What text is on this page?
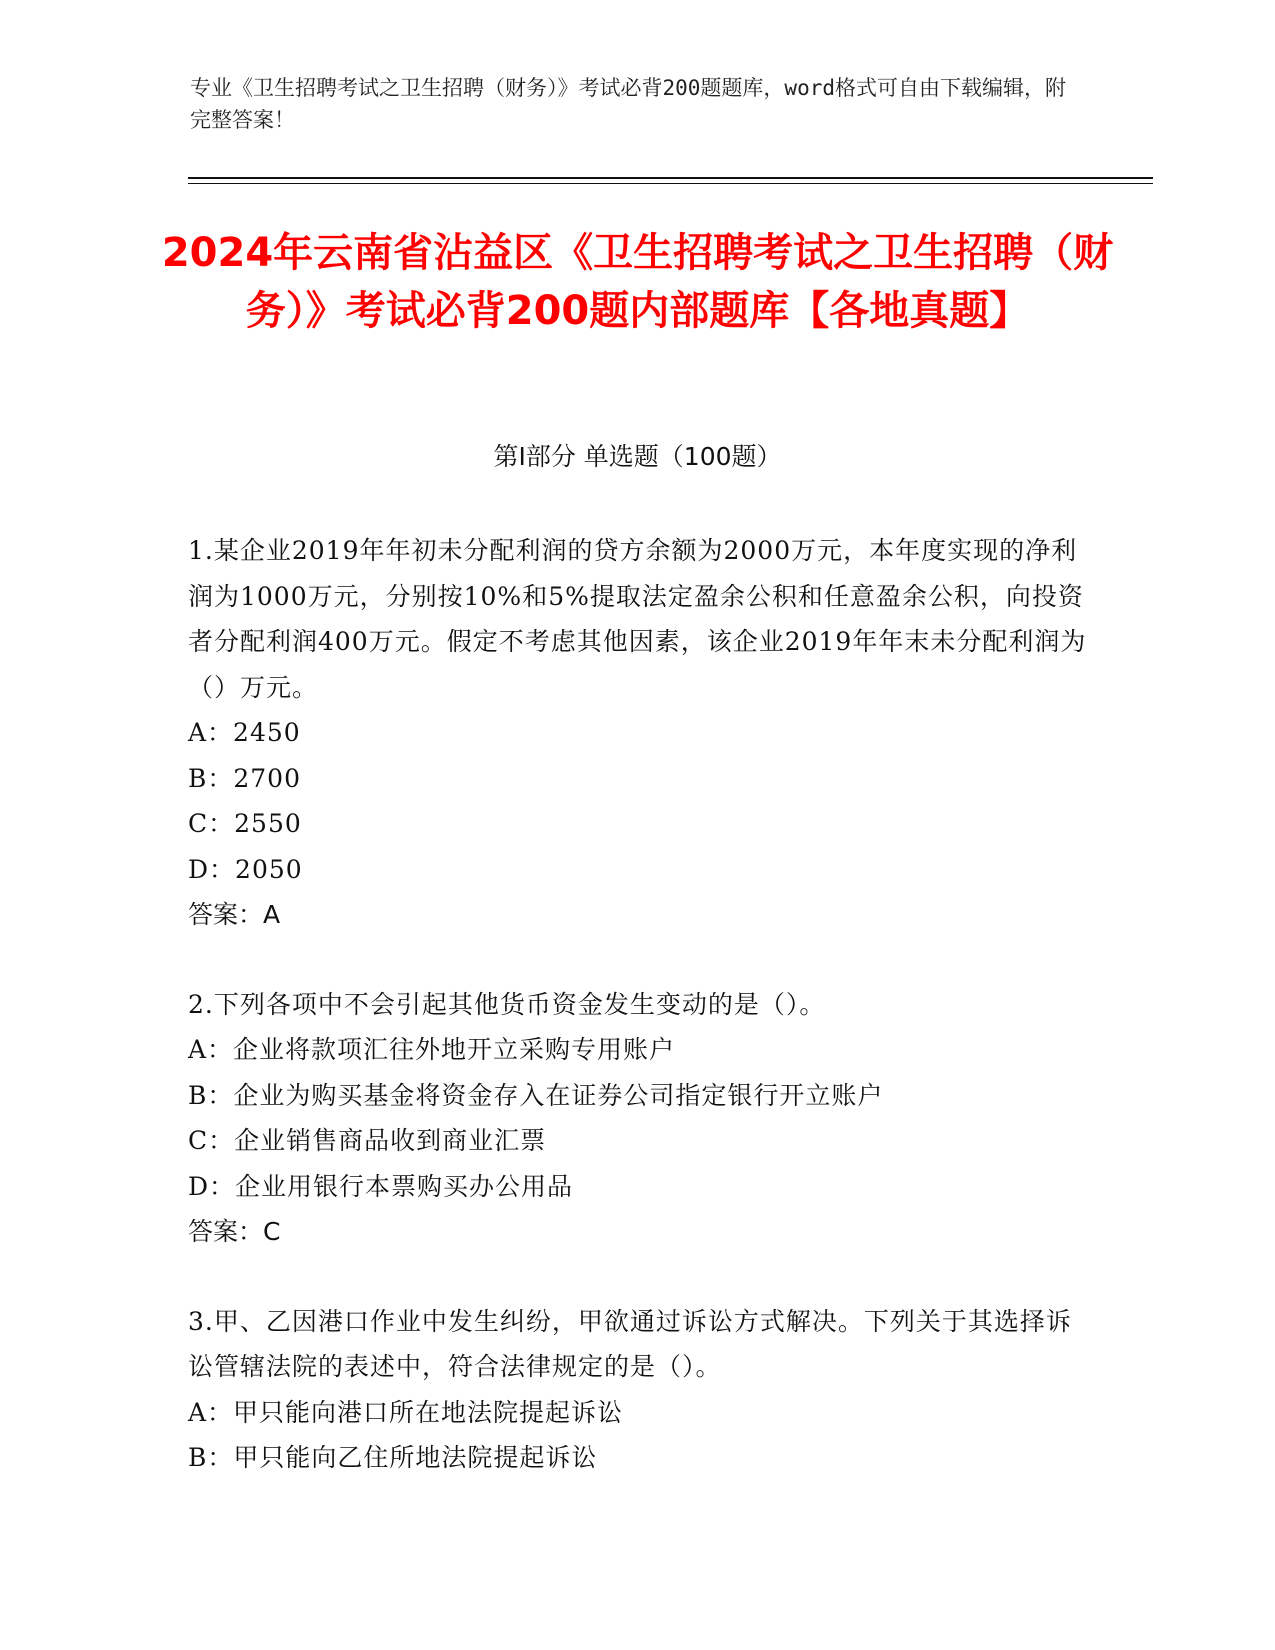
专业《卫生招聘考试之卫生招聘（财务）》考试必背200题题库，word格式可自由下载编辑，附完整答案！
2024年云南省沾益区《卫生招聘考试之卫生招聘（财务）》考试必背200题内部题库【各地真题】
第I部分 单选题（100题）
1.某企业2019年年初未分配利润的贷方余额为2000万元，本年度实现的净利润为1000万元，分别按10%和5%提取法定盈余公积和任意盈余公积，向投资者分配利润400万元。假定不考虑其他因素，该企业2019年年末未分配利润为（）万元。
A：2450
B：2700
C：2550
D：2050
答案：A
2.下列各项中不会引起其他货币资金发生变动的是（）。
A：企业将款项汇往外地开立采购专用账户
B：企业为购买基金将资金存入在证券公司指定银行开立账户
C：企业销售商品收到商业汇票
D：企业用银行本票购买办公用品
答案：C
3.甲、乙因港口作业中发生纠纷，甲欲通过诉讼方式解决。下列关于其选择诉讼管辖法院的表述中，符合法律规定的是（）。
A：甲只能向港口所在地法院提起诉讼
B：甲只能向乙住所地法院提起诉讼
